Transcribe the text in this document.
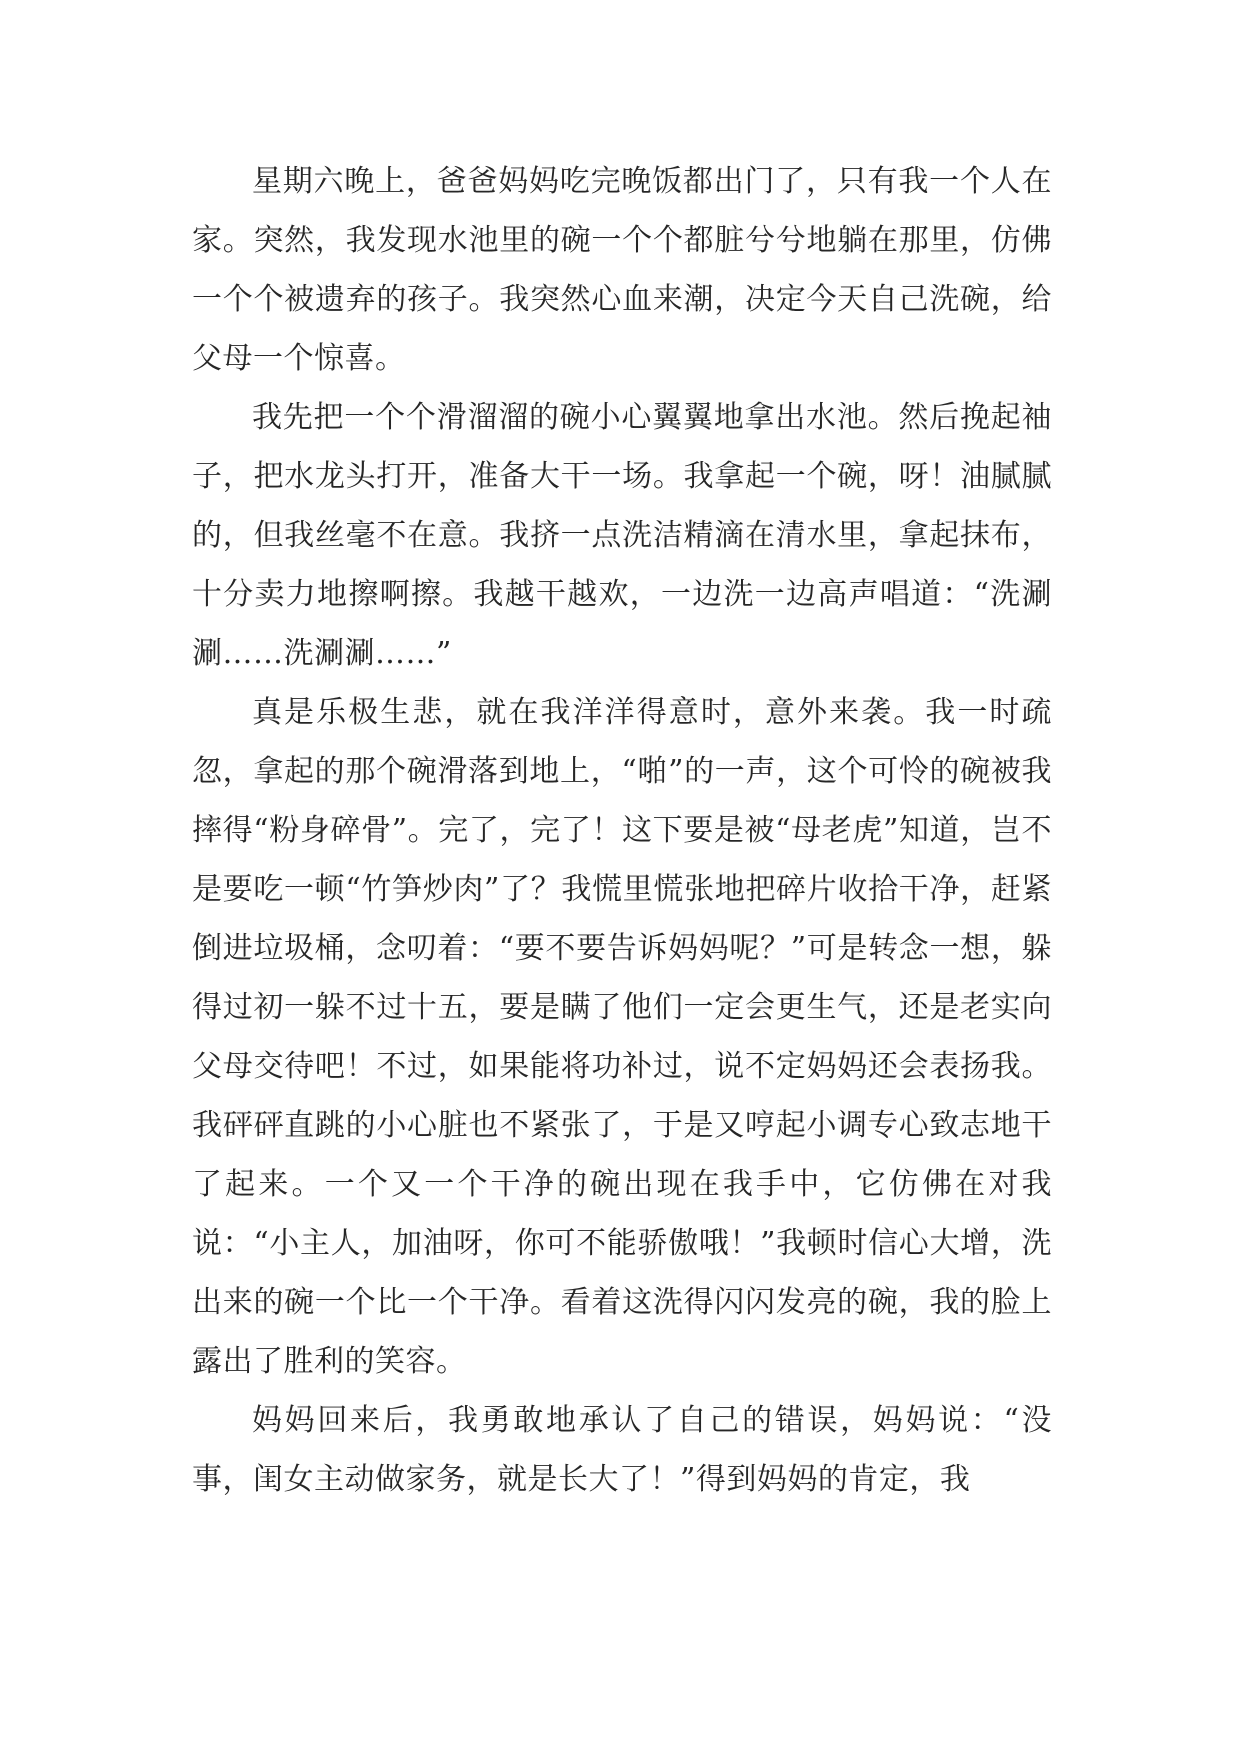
星期六晚上，爸爸妈妈吃完晚饭都出门了，只有我一个人在家。突然，我发现水池里的碗一个个都脏兮兮地躺在那里，仿佛一个个被遗弃的孩子。我突然心血来潮，决定今天自己洗碗，给父母一个惊喜。

我先把一个个滑溜溜的碗小心翼翼地拿出水池。然后挽起袖子，把水龙头打开，准备大干一场。我拿起一个碗，呀！油腻腻的，但我丝毫不在意。我挤一点洗洁精滴在清水里，拿起抹布，十分卖力地擦啊擦。我越干越欢，一边洗一边高声唱道：“洗涮涮……洗涮涮……”

真是乐极生悲，就在我洋洋得意时，意外来袭。我一时疏忽，拿起的那个碗滑落到地上，“啪”的一声，这个可怜的碗被我摔得“粉身碎骨”。完了，完了！这下要是被“母老虎”知道，岂不是要吃一顿“竹笋炒肉”了？我慌里慌张地把碎片收拾干净，赶紧倒进垃圾桶，念叨着：“要不要告诉妈妈呢？”可是转念一想，躲得过初一躲不过十五，要是瞒了他们一定会更生气，还是老实向父母交待吧！不过，如果能将功补过，说不定妈妈还会表扬我。我砰砰直跳的小心脏也不紧张了，于是又哼起小调专心致志地干了起来。一个又一个干净的碗出现在我手中，它仿佛在对我说：“小主人，加油呀，你可不能骄傲哦！”我顿时信心大增，洗出来的碗一个比一个干净。看着这洗得闪闪发亮的碗，我的脸上露出了胜利的笑容。

妈妈回来后，我勇敢地承认了自己的错误，妈妈说：“没事，闺女主动做家务，就是长大了！”得到妈妈的肯定，我
